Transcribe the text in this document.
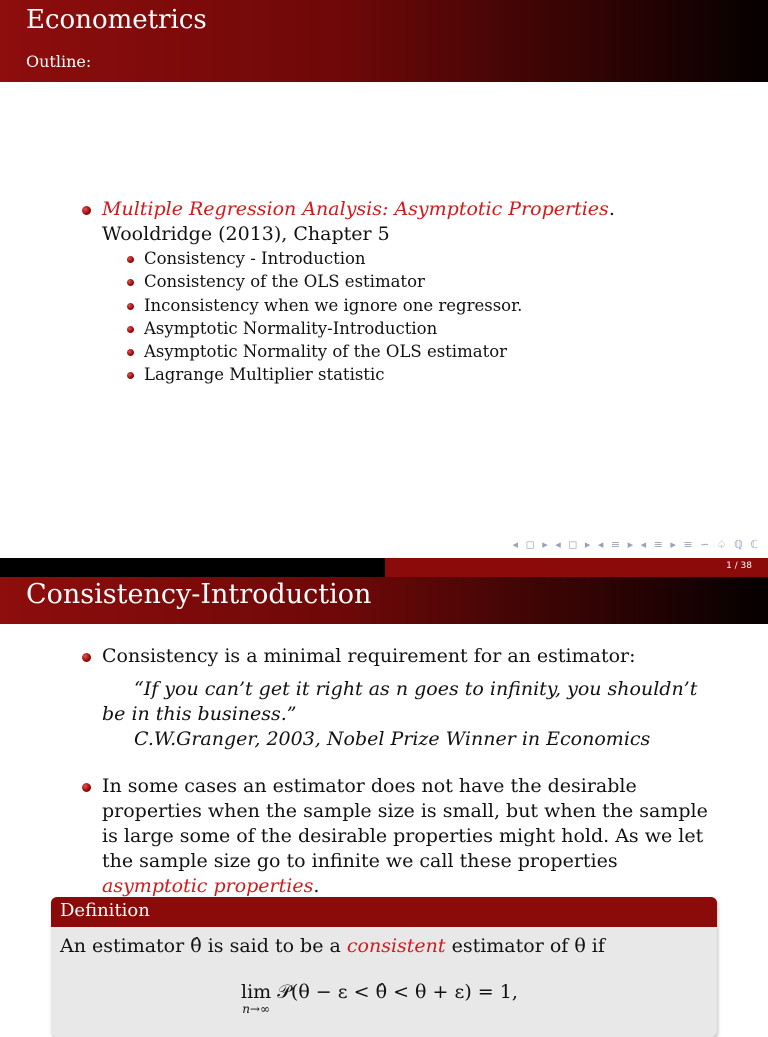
Econometrics
Outline:
Multiple Regression Analysis: Asymptotic Properties. Wooldridge (2013), Chapter 5
Consistency - Introduction
Consistency of the OLS estimator
Inconsistency when we ignore one regressor.
Asymptotic Normality-Introduction
Asymptotic Normality of the OLS estimator
Lagrange Multiplier statistic
◂ ◻ ▸ ◂ ◻ ▸ ◂ ≡ ▸ ◂ ≡ ▸ ≡ ∽ ♤ ℚ ℂ
1 / 38
Consistency-Introduction
Consistency is a minimal requirement for an estimator:
“If you can’t get it right as n goes to infinity, you shouldn’t be in this business.”
C.W.Granger, 2003, Nobel Prize Winner in Economics
In some cases an estimator does not have the desirable properties when the sample size is small, but when the sample is large some of the desirable properties might hold. As we let the sample size go to infinite we call these properties asymptotic properties.
Definition
An estimator θ̂ is said to be a consistent estimator of θ if
lim
n→∞
𝒫(θ − ε < θ̂ < θ + ε) = 1,
